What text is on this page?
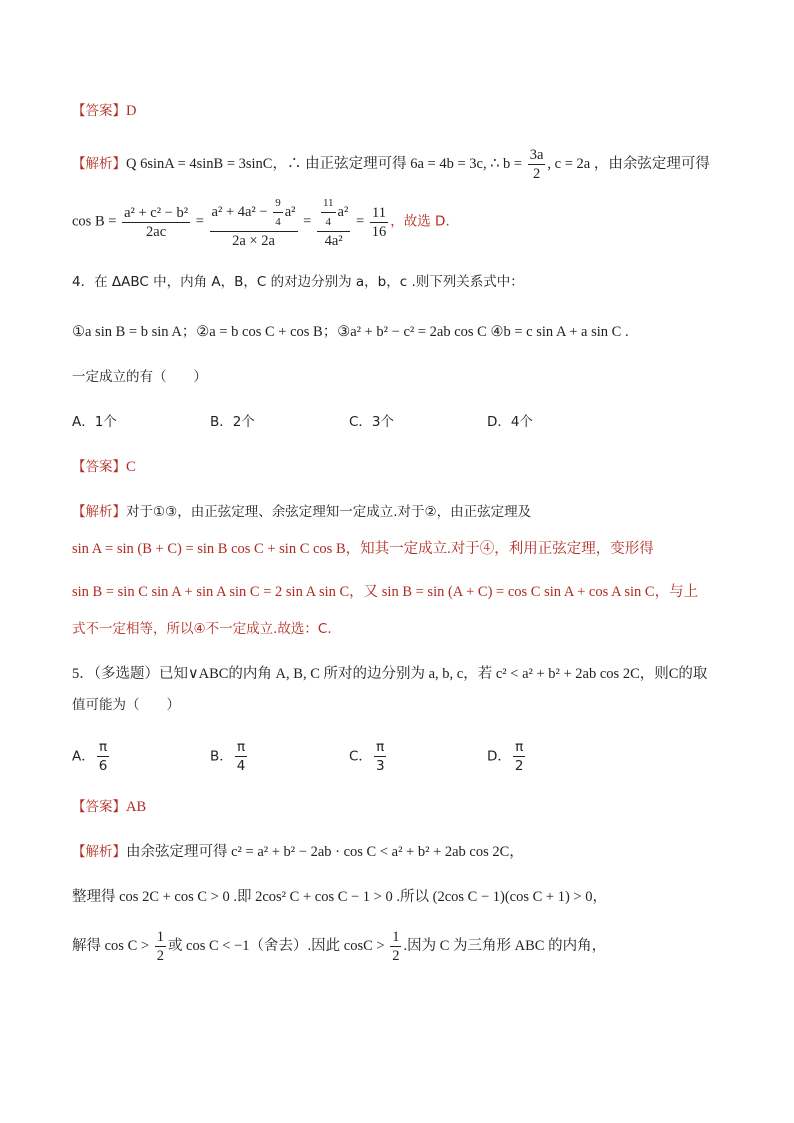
【答案】D
【解析】Q 6sinA = 4sinB = 3sinC，∴ 由正弦定理可得 6a = 4b = 3c, ∴ $b = \frac{3a}{2}$ , c = 2a ，由余弦定理可得
$\cos B = \frac{\text{a² + c² − b²}}{2ac} = \frac{a^2 + 4a^2 - \frac{9}{4} a^2}{2a \times 2a} = \frac{\frac{11}{4} a^2}{\text{4a²}} = \frac{11}{16}$ ，故选 D.
4．在 ΔABC 中，内角 A，B，C 的对边分别为 a，b，c .则下列关系式中：
①a sin B = b sin A；②a = b cos C + cos B；③a² + b² − c² = 2ab cos C ④b = c sin A + a sin C .
一定成立的有（　　）
A．1个	B．2个	C．3个	D．4个
【答案】C
【解析】对于①③，由正弦定理、余弦定理知一定成立.对于②，由正弦定理及
sin A = sin (B + C) = sin B cos C + sin C cos B，知其一定成立.对于④，利用正弦定理，变形得
sin B = sin C sin A + sin A sin C = 2 sin A sin C，又 sin B = sin (A + C) = cos C sin A + cos A sin C，与上
式不一定相等，所以④不一定成立.故选：C.
5．（多选题）已知∨ABC的内角 A, B, C 所对的边分别为 a, b, c，若 c² < a² + b² + 2ab cos 2C，则C的取
值可能为（　　）
A． $\frac{\pi}{6}$	B． $\frac{\pi}{4}$	C． $\frac{\pi}{3}$	D． $\frac{\pi}{2}$
【答案】AB
【解析】由余弦定理可得 c² = a² + b² − 2ab · cos C < a² + b² + 2ab cos 2C，
整理得 cos 2C + cos C > 0 .即 2cos² C + cos C − 1 > 0 .所以 (2cos C − 1)(cos C + 1) > 0，
解得 $\cos C > \frac{1}{2}$ 或 cos C < −1（舍去）.因此 $\cos C > \frac{1}{2}$ .因为 C 为三角形 ABC 的内角，
